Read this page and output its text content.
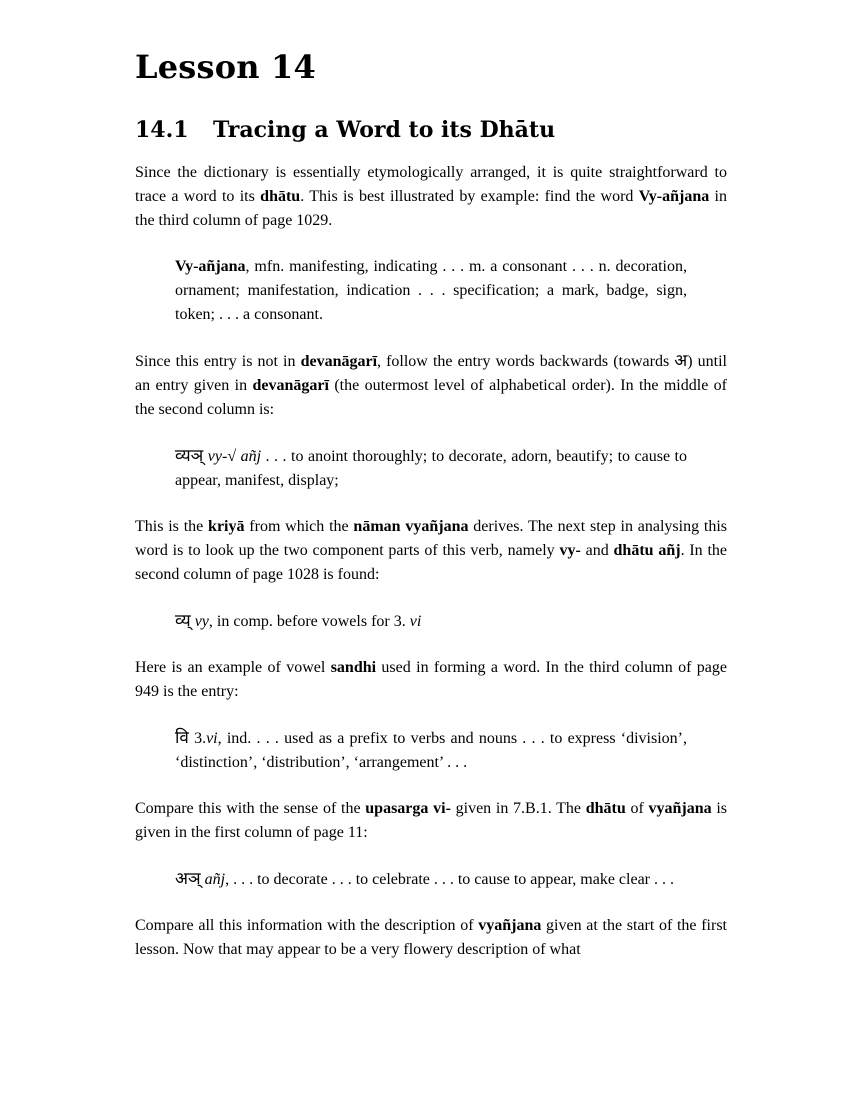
Lesson 14
14.1 Tracing a Word to its Dhātu

Since the dictionary is essentially etymologically arranged, it is quite straightforward to trace a word to its dhātu. This is best illustrated by example: find the word Vy-añjana in the third column of page 1029.

Vy-añjana, mfn. manifesting, indicating . . . m. a consonant . . . n. decoration, ornament; manifestation, indication . . . specification; a mark, badge, sign, token; . . . a consonant.

Since this entry is not in devanāgarī, follow the entry words backwards (towards अ) until an entry given in devanāgarī (the outermost level of alphabetical order). In the middle of the second column is:

व्यञ् vy-√ añj . . . to anoint thoroughly; to decorate, adorn, beautify; to cause to appear, manifest, display;

This is the kriyā from which the nāman vyañjana derives. The next step in analysing this word is to look up the two component parts of this verb, namely vy- and dhātu añj. In the second column of page 1028 is found:

व्य् vy, in comp. before vowels for 3. vi

Here is an example of vowel sandhi used in forming a word. In the third column of page 949 is the entry:

वि 3.vi, ind. . . . used as a prefix to verbs and nouns . . . to express ‘division’, ‘distinction’, ‘distribution’, ‘arrangement’ . . .

Compare this with the sense of the upasarga vi- given in 7.B.1. The dhātu of vyañjana is given in the first column of page 11:

अञ् añj, . . . to decorate . . . to celebrate . . . to cause to appear, make clear . . .

Compare all this information with the description of vyañjana given at the start of the first lesson. Now that may appear to be a very flowery description of what
